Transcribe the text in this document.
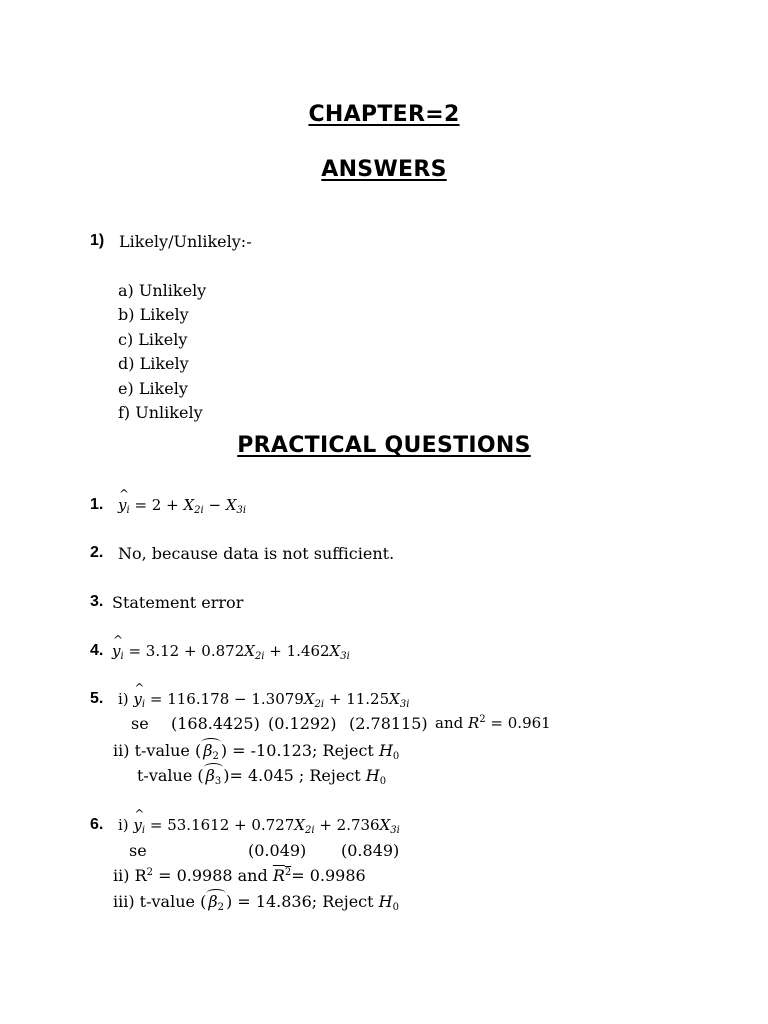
CHAPTER=2
ANSWERS
1) Likely/Unlikely:-
a) Unlikely
b) Likely
c) Likely
d) Likely
e) Likely
f) Unlikely
PRACTICAL QUESTIONS
1. ^ $y_i = 2 + X_{2i} - X_{3i}$
2. No, because data is not sufficient.
3. Statement error
4. ^ $y_i = 3.12 + 0.872X_{2i} + 1.462X_{3i}$
5. i) ^ $y_i = 116.178 - 1.3079X_{2i} + 11.25X_{3i}$
se (168.4425) (0.1292) (2.78115) and $R^2 = 0.961$
ii) t-value ( $\beta_2$ ) = -10.123; Reject $H_0$
t-value ( $\beta_3$ )= 4.045 ; Reject $H_0$
6. i) ^ $y_i = 53.1612 + 0.727X_{2i} + 2.736X_{3i}$
se	(0.049) (0.849)
ii) $R^2 = 0.9988$ and $R^2= 0.9986$
iii) t-value ( $\beta_2$ ) = 14.836; Reject $H_0$
